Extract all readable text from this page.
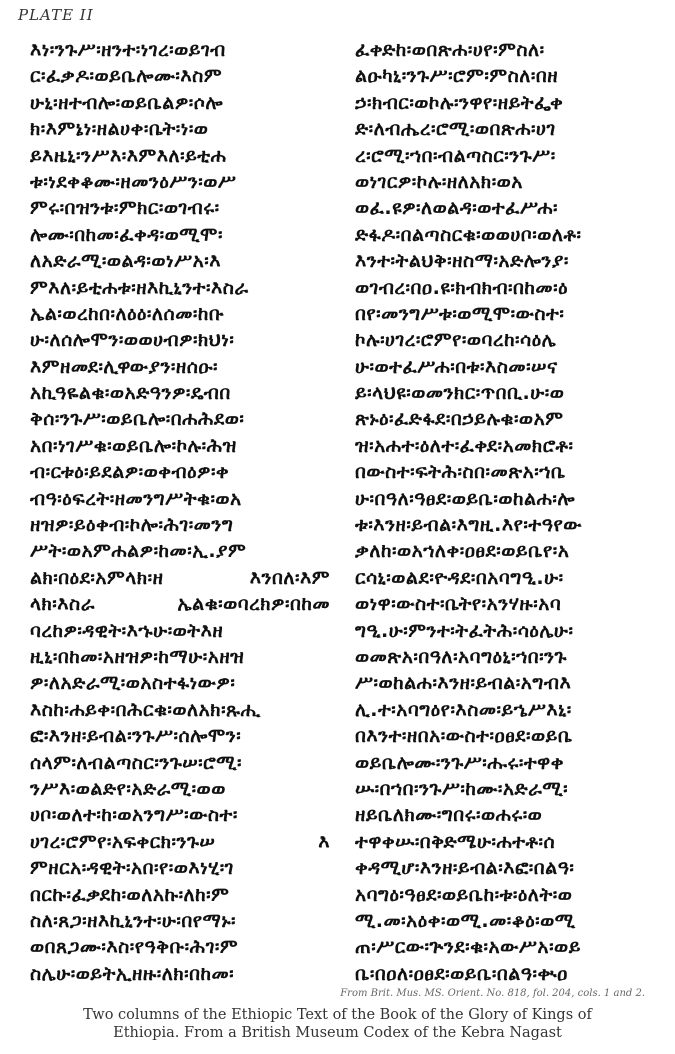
PLATE II
እነ፡ንጉሥ፡ዘንተ፡ነገረ፡ወይገብ
ር፡ፈቃዶ፡ወይቤሎሙ፡እስም
ሁኒ፡ዘተብሎ፡ወይቤልዎ፡ሶሎ
ክ፡እምኔነ፡ዘልሀቀ፡ቤት፡ነ፡ወ
ይእዜኒ፡ንሥእ፡እምእለ፡ይቲሐ
ቱ፡ነደቀቆሙ፡ዘመንዕሥን፡ወሥ
ምሩ፡በዝንቱ፡ምክር፡ወገብሩ፡
ሎሙ፡በከመ፡ፈቀዳ፡ወሚሞ፡
ለአድራሚ፡ወልዳ፡ወነሥአ፡እ
ምእለ፡ይቲሐቱ፡ዘእኪኒንተ፡እስራ
ኤል፡ወረከበ፡ለዕዕ፡ለሰመ፡ከቡ
ሁ፡ለሰሎሞን፡ወወሀብዎ፡ክህነ፡
እምዘመደ፡ሊዋውያን፡ዘሰዑ፡
አኪዓዬልቁ፡ወአድዓንዎ፡ዴብበ
ቅሰ፡ንጉሥ፡ወይቤሎ፡በሐሕደወ፡
አበ፡ነገሥቁ፡ወይቤሎ፡ኮሉ፡ሕዝ
ብ፡ርቱዕ፡ይደልዎ፡ወቀብዕዎ፡ቀ
ብዓ፡ዕፍረት፡ዘመንግሥትቁ፡ወአ
ዘዝዎ፡ይዕቀብ፡ኮሎ፡ሕገ፡መንግ
ሥት፡ወአምሐልዎ፡ከመ፡ኢ.ያም
ልክ፡በዕደ፡አምላክ፡ዘ እንበለ፡እም
ላክ፡እስራ ኤልቁ፡ወባረክዎ፡በከመ
ባረከዎ፡ዳዊት፡እኁሁ፡ወትእዘ
ዚኒ፡በከመ፡አዘዝዎ፡ከማሁ፡አዘዝ
ዎ፡ለአድራሚ፡ወአስተፋነውዎ፡
እስከ፡ሐይቀ፡በሕርቁ፡ወለአክ፡ጹሒ
ፎ፡እንዘ፡ይብል፡ንጉሥ፡ሰሎሞን፡
ሰላም፡ለብልጣስር፡ንጉሠ፡ሮሚ፡
ንሥእ፡ወልድየ፡አድራሚ፡ወወ
ሀቦ፡ወለተ፡ከ፡ወአንግሥ፡ውስተ፡
ሀገረ፡ሮምየ፡አፍቀርክ፡ንጉሠ እ
ምዘርአ፡ዳዊት፡አበ፡የ፡ወእነሂ፡ገ
በርኩ፡ፈቃደከ፡ወለአኩ፡ለከ፡ም
ስለ፡ጸጋ፡ዘእኪኒንተ፡ሁ፡በየማኑ፡
ወበጸጋሙ፡እስ፡የዓቅቡ፡ሕገ፡ም
ስሌሁ፡ወይትኢዘዙ፡ለክ፡በከመ፡
ፈቀድከ፡ወበጽሐ፡ሀየ፡ምስለ፡
ልዑካኒ፡ንጉሥ፡ሮም፡ምስለ፡በዘ
ኃ፡ክብር፡ወኮሉ፡ንዋየ፡ዘይትፌቀ
ድ፡ለብሔረ፡ሮሚ፡ወበጽሐ፡ሀገ
ረ፡ሮሚ፡ኀበ፡ብልጣስር፡ንጉሥ፡
ወነገርዎ፡ኮሉ፡ዘለአክ፡ወአ
ወፈ.ዩዎ፡ለወልዳ፡ወተፈሥሐ፡
ድፋዶ፡በልጣስርቁ፡ወወሀቦ፡ወለቶ፡
እንተ፡ትልህቅ፡ዘስማ፡አድሎንያ፡
ወገብረ፡በዐ.ዩ፡ክብክብ፡በከመ፡ዕ
በየ፡መንግሥቱ፡ወሚሞ፡ውስተ፡
ኮሉ፡ሀገረ፡ሮምየ፡ወባረከ፡ሳዕሌ
ሁ፡ወተፈሥሐ፡በቱ፡እስመ፡ሠና
ይ፡ላህዩ፡ወመንክር፡ጥበቢ.ሁ፡ወ
ጽኑዕ፡ፈድፋደ፡በኃይሉቁ፡ወአም
ዝ፡አሐተ፡ዕለተ፡ፈቀደ፡አመክሮቶ፡
በውስተ፡ፍትሕ፡ስበ፡መጽአ፡ኀቤ
ሁ፡በዓለ፡ዓፀደ፡ወይቤ፡ወከልሐ፡ሎ
ቱ፡እንዘ፡ይብል፡እግዚ.እየ፡ተዓየው
ቃለከ፡ወአኀለቀ፡ዐፀደ፡ወይቤየ፡አ
ርሳኒ፡ወልደ፡ዮዳደ፡በአባግዒ.ሁ፡
ወነዋ፡ውስተ፡ቤትየ፡አንሃዙ፡አባ
ግዒ.ሁ፡ምንተ፡ትፈትሕ፡ሳዕሌሁ፡
ወመጽአ፡በዓለ፡አባግዕኒ፡ኀበ፡ንጉ
ሥ፡ወከልሐ፡እንዘ፡ይብል፡አግብእ
ሊ.ተ፡አባግዕየ፡እስመ፡ይኄሥእኒ፡
በእንተ፡ዘበአ፡ውስተ፡ዐፀደ፡ወይቤ
ወይቤሎሙ፡ንጉሥ፡ሑሩ፡ተዋቀ
ሡ፡በኀበ፡ንጉሥ፡ከሙ፡አድራሚ፡
ዘይቤለክሙ፡ግበሩ፡ወሐሩ፡ወ
ተዋቀሡ፡በቅድሜሁ፡ሐተቶ፡ሰ
ቀዳሚሆ፡እንዘ፡ይብል፡እፎ፡በልዓ፡
አባግዕ፡ዓፀደ፡ወይቤከ፡ቱ፡ዕለት፡ወ
ሚ.መ፡አዕቀ፡ወሚ.መ፡ቆዕ፡ወሚ
ጠ፡ሥርው፡ጕንደ፡ቁ፡አውሥአ፡ወይ
ቤ፡በዐለ፡ዐፀደ፡ወይቤ፡በልዓ፡ቊዐ
From Brit. Mus. MS. Orient. No. 818, fol. 204, cols. 1 and 2.
Two columns of the Ethiopic Text of the Book of the Glory of Kings of
Ethiopia. From a British Museum Codex of the Kebra Nagast
